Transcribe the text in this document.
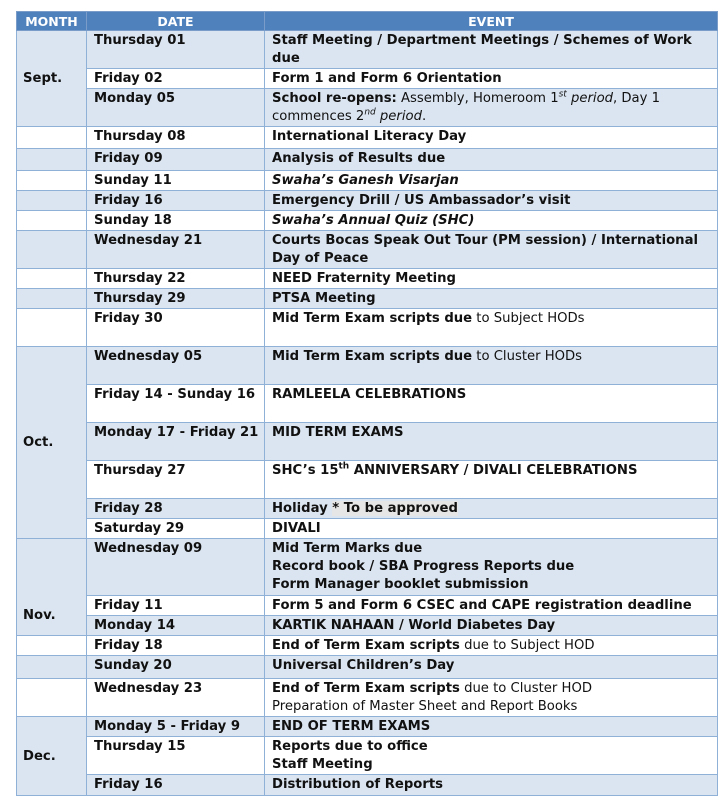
MONTH	DATE	EVENT
Sept.	Thursday 01	Staff Meeting / Department Meetings / Schemes of Work due
	Friday 02	Form 1 and Form 6 Orientation
	Monday 05	School re-opens: Assembly, Homeroom 1st period, Day 1 commences 2nd period.
	Thursday 08	International Literacy Day
	Friday 09	Analysis of Results due
	Sunday 11	Swaha’s Ganesh Visarjan
	Friday 16	Emergency Drill / US Ambassador’s visit
	Sunday 18	Swaha’s Annual Quiz (SHC)
	Wednesday 21	Courts Bocas Speak Out Tour (PM session) / International Day of Peace
	Thursday 22	NEED Fraternity Meeting
	Thursday 29	PTSA Meeting
	Friday 30	Mid Term Exam scripts due to Subject HODs
Oct.	Wednesday 05	Mid Term Exam scripts due to Cluster HODs
	Friday 14 - Sunday 16	RAMLEELA CELEBRATIONS
	Monday 17 - Friday 21	MID TERM EXAMS
	Thursday 27	SHC’s 15th ANNIVERSARY / DIVALI CELEBRATIONS
	Friday 28	Holiday * To be approved
	Saturday 29	DIVALI
Nov.	Wednesday 09	Mid Term Marks due
Record book / SBA Progress Reports due
Form Manager booklet submission

	Friday 11	Form 5 and Form 6 CSEC and CAPE registration deadline
	Monday 14	KARTIK NAHAAN / World Diabetes Day
	Friday 18	End of Term Exam scripts due to Subject HOD
	Sunday 20	Universal Children’s Day
	Wednesday 23	End of Term Exam scripts due to Cluster HOD
Preparation of Master Sheet and Report Books

Dec.	Monday 5 - Friday 9	END OF TERM EXAMS
	Thursday 15	Reports due to office
Staff Meeting

	Friday 16	Distribution of Reports
